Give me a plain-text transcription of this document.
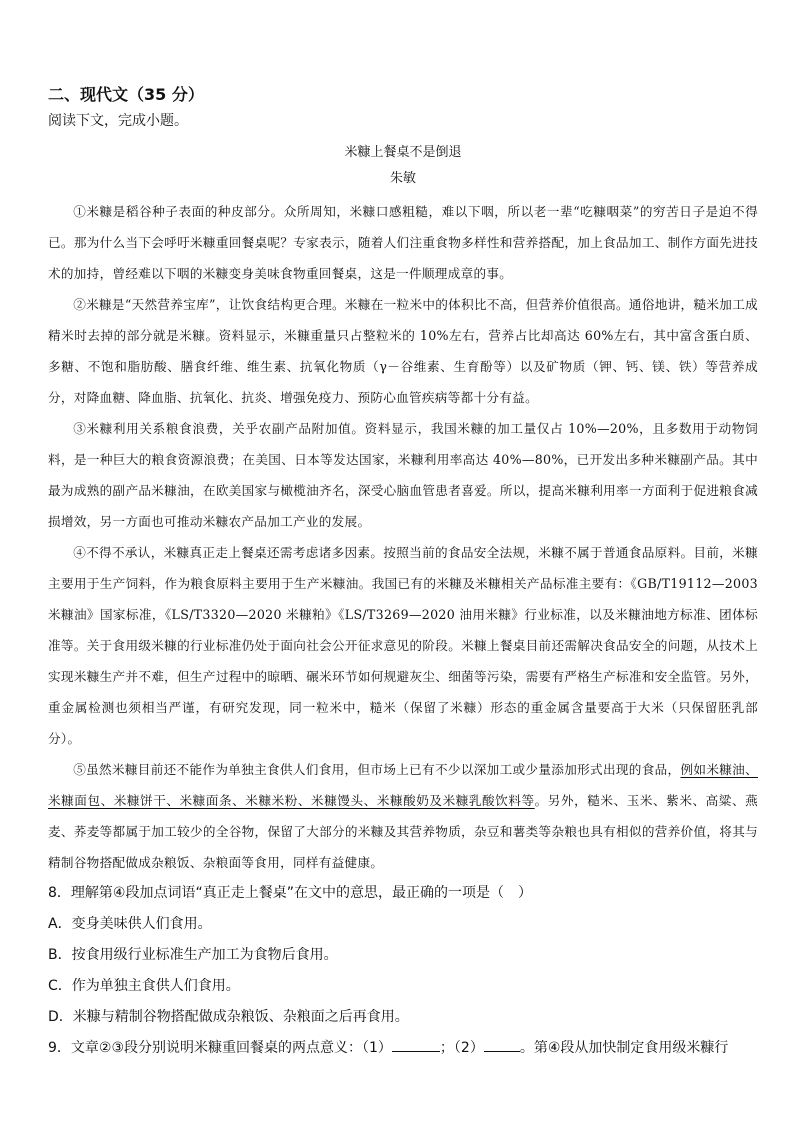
二、现代文（35 分）

阅读下文，完成小题。

米糠上餐桌不是倒退

朱敏

①米糠是稻谷种子表面的种皮部分。众所周知，米糠口感粗糙，难以下咽，所以老一辈“吃糠咽菜”的穷苦日子是迫不得已。那为什么当下会呼吁米糠重回餐桌呢？专家表示，随着人们注重食物多样性和营养搭配，加上食品加工、制作方面先进技术的加持，曾经难以下咽的米糠变身美味食物重回餐桌，这是一件顺理成章的事。

②米糠是“天然营养宝库”，让饮食结构更合理。米糠在一粒米中的体积比不高，但营养价值很高。通俗地讲，糙米加工成精米时去掉的部分就是米糠。资料显示，米糠重量只占整粒米的 10%左右，营养占比却高达 60%左右，其中富含蛋白质、多糖、不饱和脂肪酸、膳食纤维、维生素、抗氧化物质（γ－谷维素、生育酚等）以及矿物质（钾、钙、镁、铁）等营养成分，对降血糖、降血脂、抗氧化、抗炎、增强免疫力、预防心血管疾病等都十分有益。

③米糠利用关系粮食浪费，关乎农副产品附加值。资料显示，我国米糠的加工量仅占 10%—20%，且多数用于动物饲料，是一种巨大的粮食资源浪费；在美国、日本等发达国家，米糠利用率高达 40%—80%，已开发出多种米糠副产品。其中最为成熟的副产品米糠油，在欧美国家与橄榄油齐名，深受心脑血管患者喜爱。所以，提高米糠利用率一方面利于促进粮食减损增效，另一方面也可推动米糠农产品加工产业的发展。

④不得不承认，米糠真正走上餐桌还需考虑诸多因素。按照当前的食品安全法规，米糠不属于普通食品原料。目前，米糠主要用于生产饲料，作为粮食原料主要用于生产米糠油。我国已有的米糠及米糠相关产品标准主要有：《GB/T19112—2003 米糠油》国家标准，《LS/T3320—2020 米糠粕》《LS/T3269—2020 油用米糠》行业标准，以及米糠油地方标准、团体标准等。关于食用级米糠的行业标准仍处于面向社会公开征求意见的阶段。米糠上餐桌目前还需解决食品安全的问题，从技术上实现米糠生产并不难，但生产过程中的晾晒、碾米环节如何规避灰尘、细菌等污染，需要有严格生产标准和安全监管。另外，重金属检测也须相当严谨，有研究发现，同一粒米中，糙米（保留了米糠）形态的重金属含量要高于大米（只保留胚乳部分）。

⑤虽然米糠目前还不能作为单独主食供人们食用，但市场上已有不少以深加工或少量添加形式出现的食品，例如米糠油、米糠面包、米糠饼干、米糠面条、米糠米粉、米糠馒头、米糠酸奶及米糠乳酸饮料等。另外，糙米、玉米、紫米、高粱、燕麦、荞麦等都属于加工较少的全谷物，保留了大部分的米糠及其营养物质，杂豆和薯类等杂粮也具有相似的营养价值，将其与精制谷物搭配做成杂粮饭、杂粮面等食用，同样有益健康。

8．理解第④段加点词语“真正走上餐桌”在文中的意思，最正确的一项是（　）

A．变身美味供人们食用。

B．按食用级行业标准生产加工为食物后食用。

C．作为单独主食供人们食用。

D．米糠与精制谷物搭配做成杂粮饭、杂粮面之后再食用。

9．文章②③段分别说明米糠重回餐桌的两点意义：（1）	；（2）	。第④段从加快制定食用级米糠行
